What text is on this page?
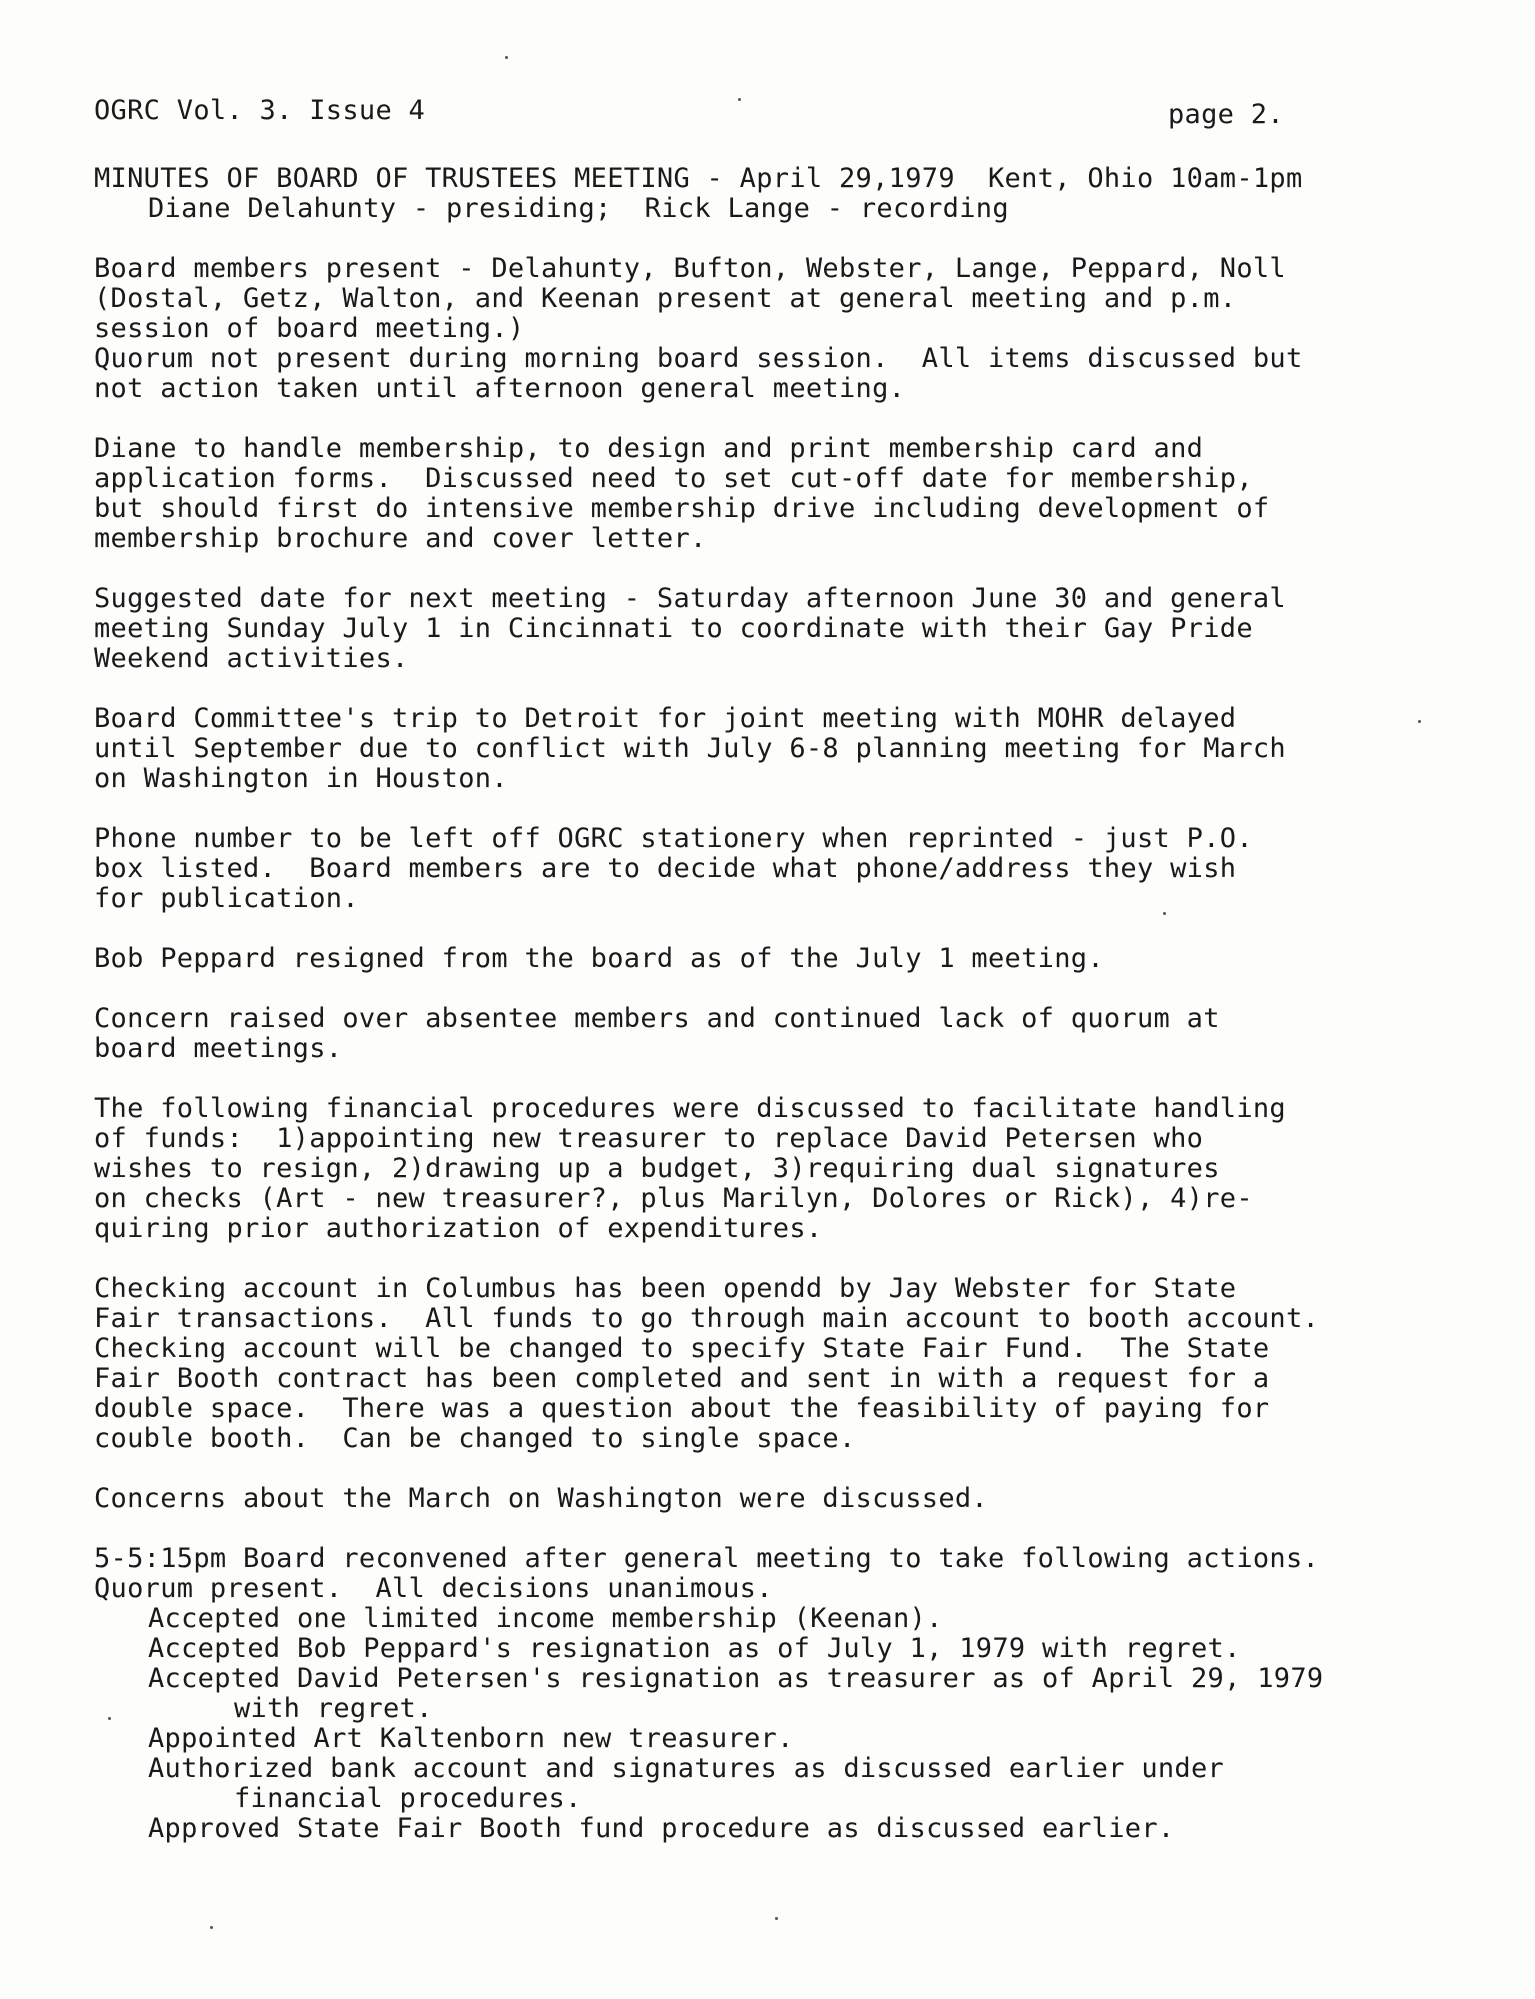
OGRC Vol. 3. Issue 4	page 2.
MINUTES OF BOARD OF TRUSTEES MEETING - April 29,1979  Kent, Ohio 10am-1pm
Diane Delahunty - presiding;  Rick Lange - recording
Board members present - Delahunty, Bufton, Webster, Lange, Peppard, Noll
(Dostal, Getz, Walton, and Keenan present at general meeting and p.m.
session of board meeting.)
Quorum not present during morning board session.  All items discussed but
not action taken until afternoon general meeting.
Diane to handle membership, to design and print membership card and
application forms.  Discussed need to set cut-off date for membership,
but should first do intensive membership drive including development of
membership brochure and cover letter.
Suggested date for next meeting - Saturday afternoon June 30 and general
meeting Sunday July 1 in Cincinnati to coordinate with their Gay Pride
Weekend activities.
Board Committee's trip to Detroit for joint meeting with MOHR delayed
until September due to conflict with July 6-8 planning meeting for March
on Washington in Houston.
Phone number to be left off OGRC stationery when reprinted - just P.O.
box listed.  Board members are to decide what phone/address they wish
for publication.
Bob Peppard resigned from the board as of the July 1 meeting.
Concern raised over absentee members and continued lack of quorum at
board meetings.
The following financial procedures were discussed to facilitate handling
of funds:  1)appointing new treasurer to replace David Petersen who
wishes to resign, 2)drawing up a budget, 3)requiring dual signatures
on checks (Art - new treasurer?, plus Marilyn, Dolores or Rick), 4)re-
quiring prior authorization of expenditures.
Checking account in Columbus has been opendd by Jay Webster for State
Fair transactions.  All funds to go through main account to booth account.
Checking account will be changed to specify State Fair Fund.  The State
Fair Booth contract has been completed and sent in with a request for a
double space.  There was a question about the feasibility of paying for
couble booth.  Can be changed to single space.
Concerns about the March on Washington were discussed.
5-5:15pm Board reconvened after general meeting to take following actions.
Quorum present.  All decisions unanimous.
Accepted one limited income membership (Keenan).
Accepted Bob Peppard's resignation as of July 1, 1979 with regret.
Accepted David Petersen's resignation as treasurer as of April 29, 1979
with regret.
Appointed Art Kaltenborn new treasurer.
Authorized bank account and signatures as discussed earlier under
financial procedures.
Approved State Fair Booth fund procedure as discussed earlier.
